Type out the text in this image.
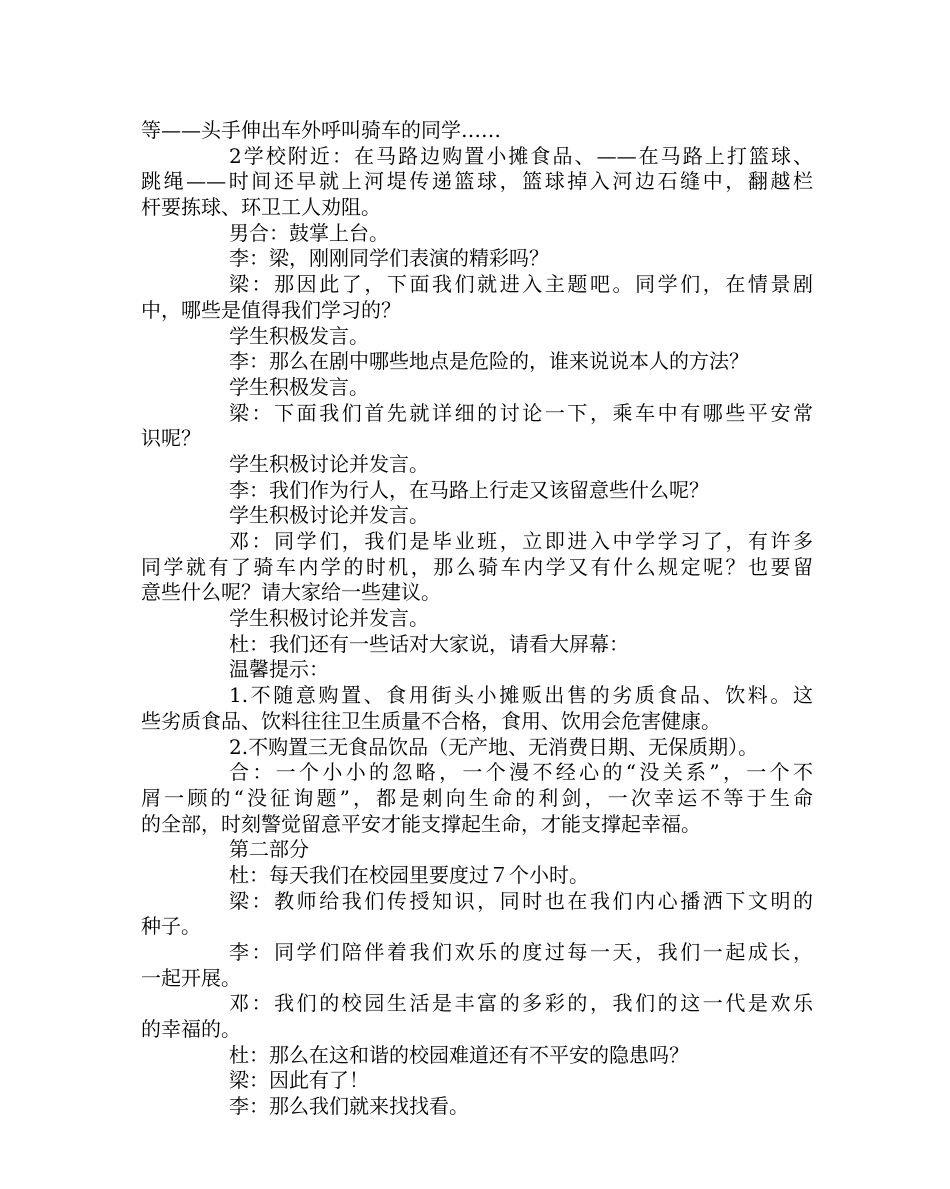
等——头手伸出车外呼叫骑车的同学……
2学校附近：在马路边购置小摊食品、——在马路上打篮球、
跳绳——时间还早就上河堤传递篮球，篮球掉入河边石缝中，翻越栏
杆要拣球、环卫工人劝阻。
男合：鼓掌上台。
李：梁，刚刚同学们表演的精彩吗？
梁：那因此了，下面我们就进入主题吧。同学们，在情景剧
中，哪些是值得我们学习的？
学生积极发言。
李：那么在剧中哪些地点是危险的，谁来说说本人的方法？
学生积极发言。
梁：下面我们首先就详细的讨论一下，乘车中有哪些平安常
识呢？
学生积极讨论并发言。
李：我们作为行人，在马路上行走又该留意些什么呢？
学生积极讨论并发言。
邓：同学们，我们是毕业班，立即进入中学学习了，有许多
同学就有了骑车内学的时机，那么骑车内学又有什么规定呢？也要留
意些什么呢？请大家给一些建议。
学生积极讨论并发言。
杜：我们还有一些话对大家说，请看大屏幕：
温馨提示：
1.不随意购置、食用街头小摊贩出售的劣质食品、饮料。这
些劣质食品、饮料往往卫生质量不合格，食用、饮用会危害健康。
2.不购置三无食品饮品（无产地、无消费日期、无保质期）。
合：一个小小的忽略，一个漫不经心的“没关系”，一个不
屑一顾的“没征询题”，都是刺向生命的利剑，一次幸运不等于生命
的全部，时刻警觉留意平安才能支撑起生命，才能支撑起幸福。
第二部分
杜：每天我们在校园里要度过７个小时。
梁：教师给我们传授知识，同时也在我们内心播洒下文明的
种子。
李：同学们陪伴着我们欢乐的度过每一天，我们一起成长，
一起开展。
邓：我们的校园生活是丰富的多彩的，我们的这一代是欢乐
的幸福的。
杜：那么在这和谐的校园难道还有不平安的隐患吗？
梁：因此有了！
李：那么我们就来找找看。
